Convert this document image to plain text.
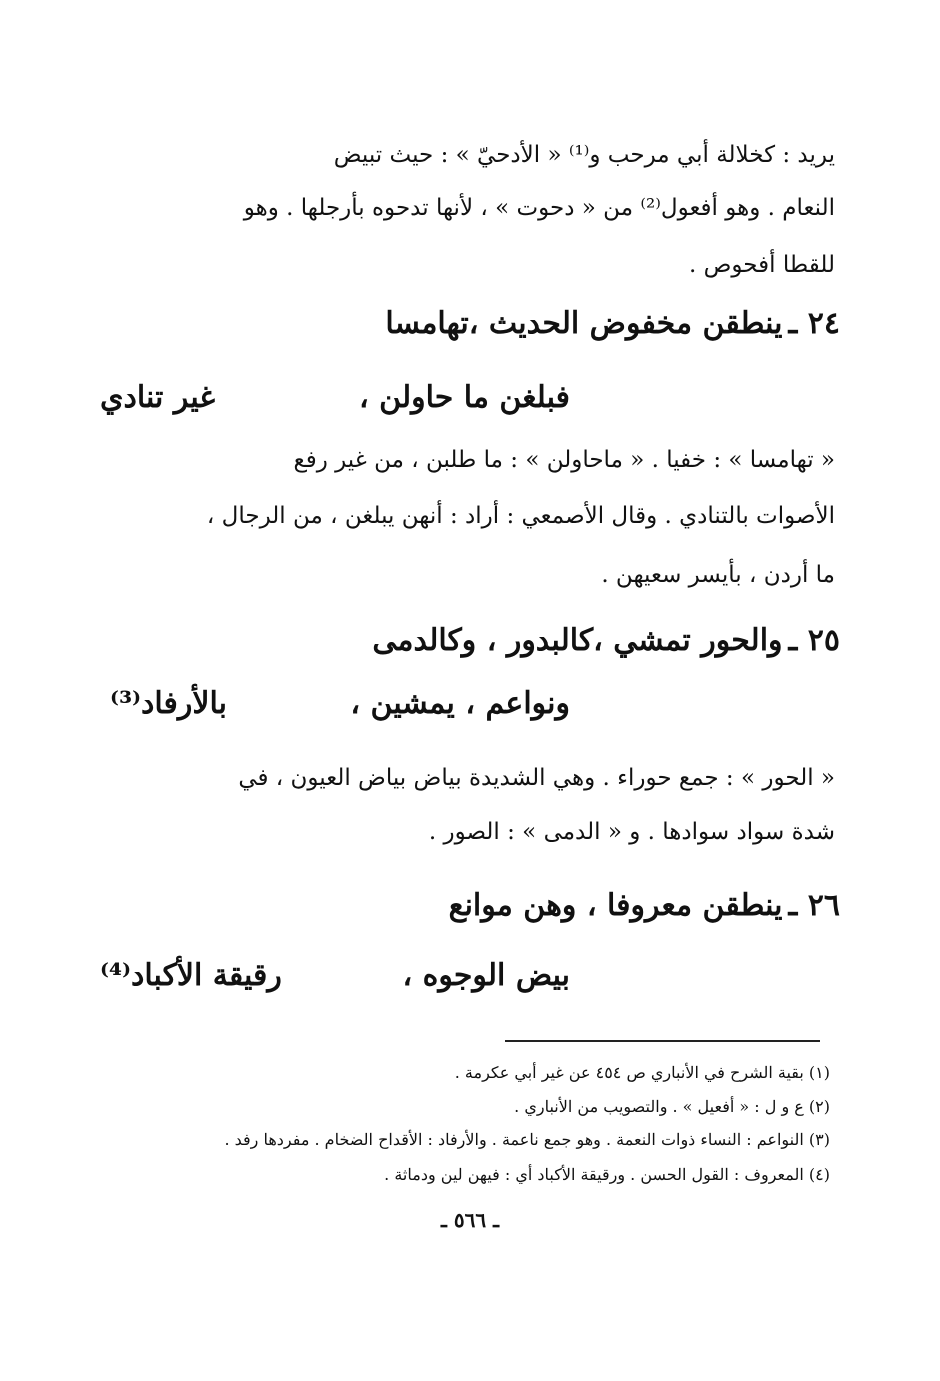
يريد : كخلالة أبي مرحب و⁽¹⁾ « الأدحيّ » : حيث تبيض
النعام . وهو أفعول⁽²⁾ من « دحوت » ، لأنها تدحوه بأرجلها . وهو
للقطا أفحوص .
٢٤ ـينطقن مخفوض الحديث ،تهامسا
فبلغن ما حاولن ،
غير تنادي
« تهامسا » : خفيا . « ماحاولن » : ما طلبن ، من غير رفع
الأصوات بالتنادي . وقال الأصمعي : أراد : أنهن يبلغن ، من الرجال ،
ما أردن ، بأيسر سعيهن .
٢٥ ـوالحور تمشي ،كالبدور ، وكالدمى
ونواعم ، يمشين ،
بالأرفاد⁽³⁾
« الحور » : جمع حوراء . وهي الشديدة بياض بياض العيون ، في
شدة سواد سوادها . و « الدمى » : الصور .
٢٦ ـينطقن معروفا ، وهن موانع
بيض الوجوه ،
رقيقة الأكباد⁽⁴⁾
(١) بقية الشرح في الأنباري ص ٤٥٤ عن غير أبي عكرمة .
(٢) ع و ل : « أفعيل » . والتصويب من الأنباري .
(٣) النواعم : النساء ذوات النعمة . وهو جمع ناعمة . والأرفاد : الأقداح الضخام . مفردها رفد .
(٤) المعروف : القول الحسن . ورقيقة الأكباد أي : فيهن لين ودماثة .
ـ ٥٦٦ ـ
